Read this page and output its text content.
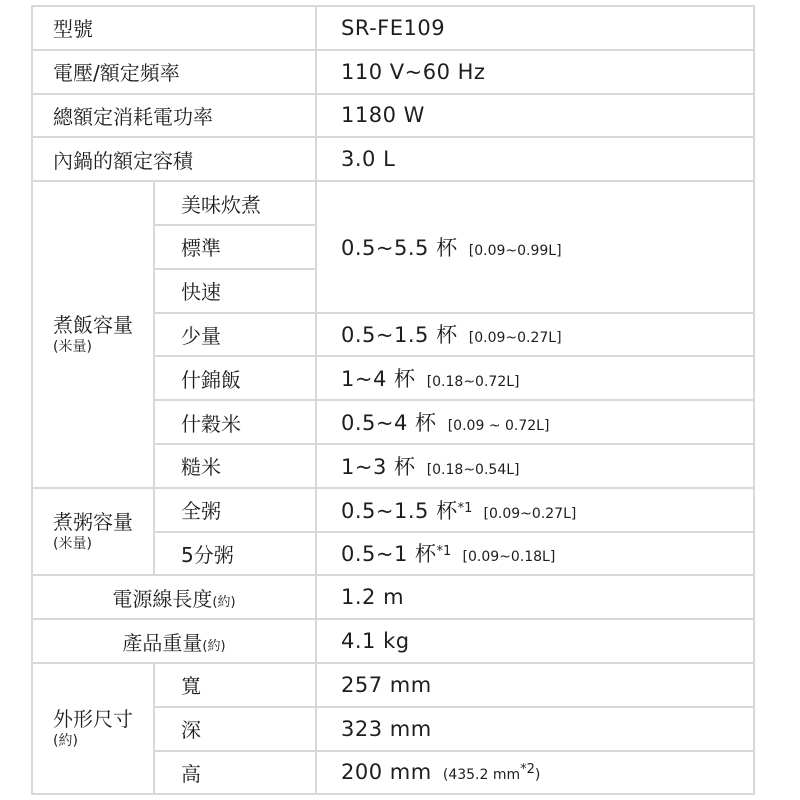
型號		SR-FE109
電壓/額定頻率		110 V~60 Hz
總額定消耗電功率		1180 W
內鍋的額定容積		3.0 L

煮飯容量
(米量)	美味炊煮	0.5~5.5 杯 [0.09~0.99L]
	標準	
	快速	
	少量	0.5~1.5 杯 [0.09~0.27L]
	什錦飯	1~4 杯 [0.18~0.72L]
	什穀米	0.5~4 杯 [0.09 ~ 0.72L]
	糙米	1~3 杯 [0.18~0.54L]

煮粥容量
(米量)	全粥	0.5~1.5 杯$^{*1}$ [0.09~0.27L]
	5分粥	0.5~1 杯$^{*1}$ [0.09~0.18L]
電源線長度(約)		1.2 m
產品重量(約)		4.1 kg

外形尺寸
(約)	寬	257 mm
	深	323 mm
	高	200 mm (435.2 mm*2)
